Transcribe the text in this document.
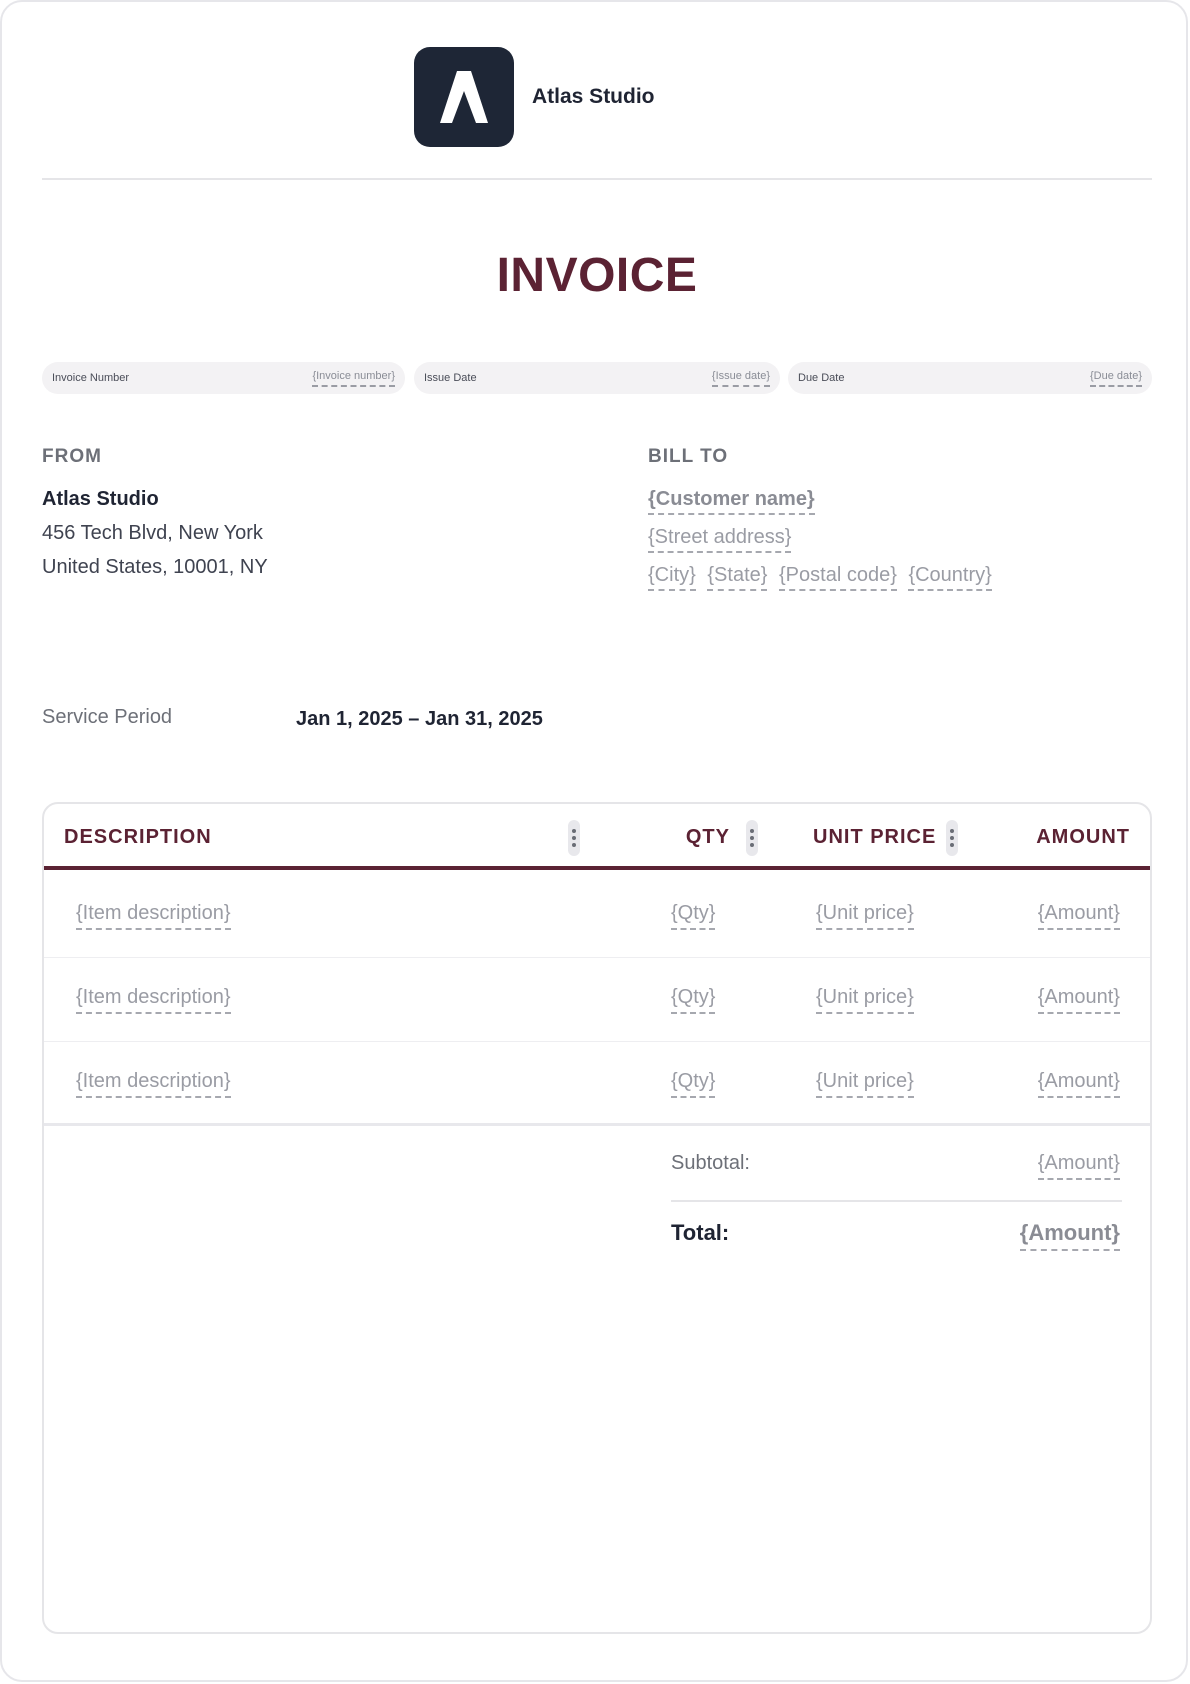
Atlas Studio
INVOICE
Invoice Number	{Invoice number}	Issue Date	{Issue date}	Due Date	{Due date}
FROM
Atlas Studio
456 Tech Blvd, New York
United States, 10001, NY
BILL TO
{Customer name}
{Street address}
{City} {State} {Postal code} {Country}
Service Period	Jan 1, 2025 – Jan 31, 2025
DESCRIPTION	QTY	UNIT PRICE	AMOUNT
{Item description}	{Qty}	{Unit price}	{Amount}
{Item description}	{Qty}	{Unit price}	{Amount}
{Item description}	{Qty}	{Unit price}	{Amount}
Subtotal:	{Amount}
Total:	{Amount}
